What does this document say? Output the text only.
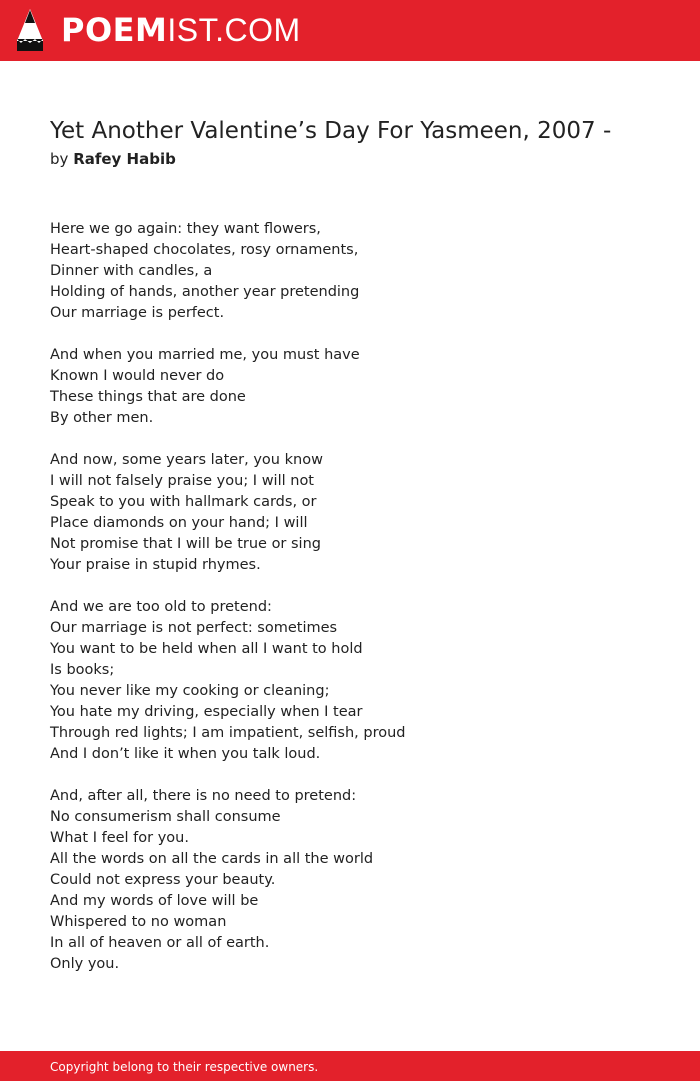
POEMIST.COM
Yet Another Valentine’s Day For Yasmeen, 2007 -
by Rafey Habib
Here we go again: they want flowers,
Heart-shaped chocolates, rosy ornaments,
Dinner with candles, a
Holding of hands, another year pretending
Our marriage is perfect.
And when you married me, you must have
Known I would never do
These things that are done
By other men.
And now, some years later, you know
I will not falsely praise you; I will not
Speak to you with hallmark cards, or
Place diamonds on your hand; I will
Not promise that I will be true or sing
Your praise in stupid rhymes.
And we are too old to pretend:
Our marriage is not perfect: sometimes
You want to be held when all I want to hold
Is books;
You never like my cooking or cleaning;
You hate my driving, especially when I tear
Through red lights; I am impatient, selfish, proud
And I don’t like it when you talk loud.
And, after all, there is no need to pretend:
No consumerism shall consume
What I feel for you.
All the words on all the cards in all the world
Could not express your beauty.
And my words of love will be
Whispered to no woman
In all of heaven or all of earth.
Only you.
Copyright belong to their respective owners.
